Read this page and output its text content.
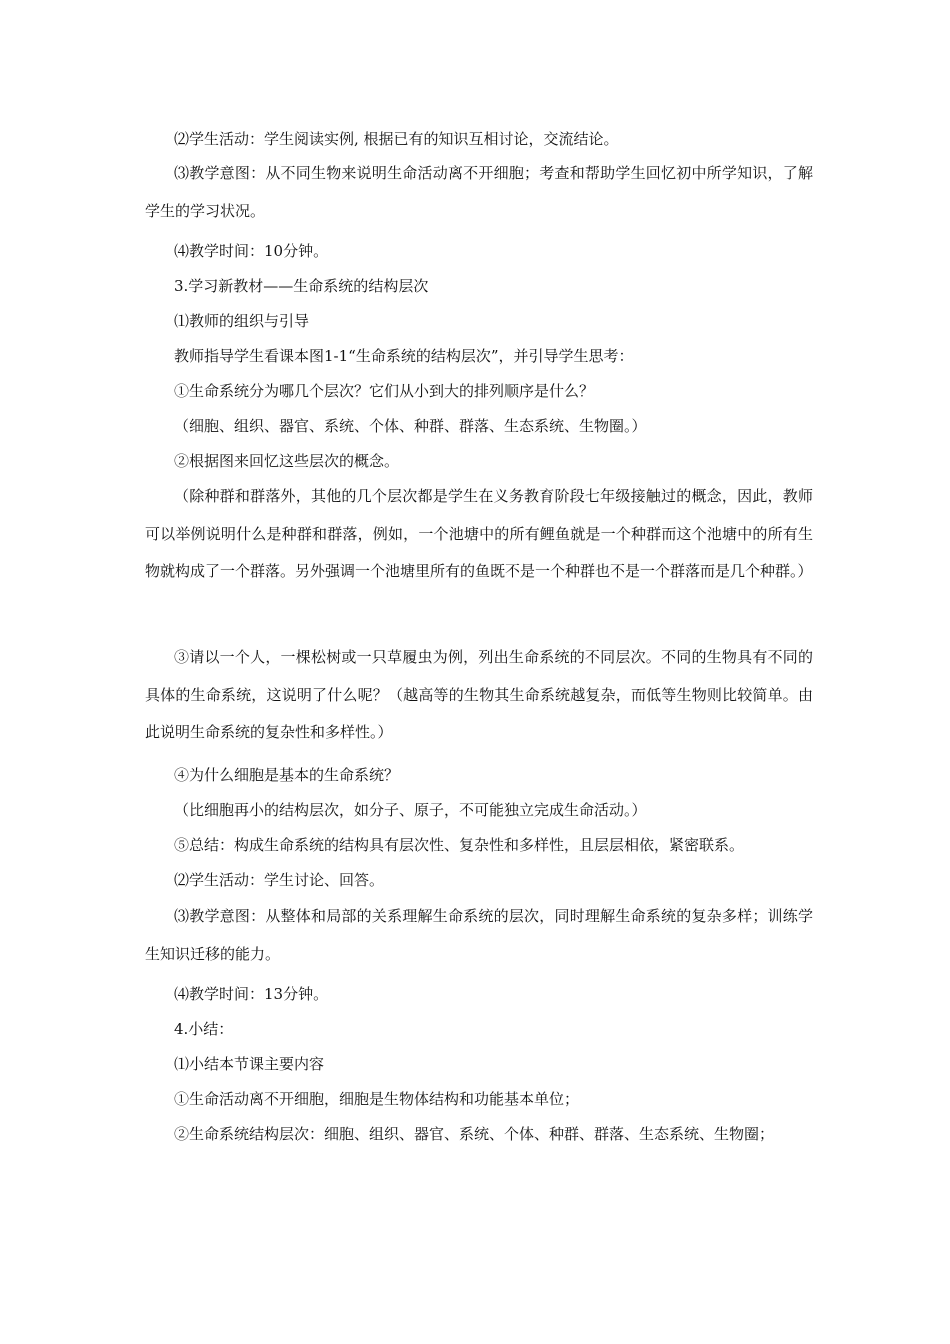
⑵学生活动：学生阅读实例, 根据已有的知识互相讨论，交流结论。

⑶教学意图：从不同生物来说明生命活动离不开细胞；考查和帮助学生回忆初中所学知识，了解学生的学习状况。

⑷教学时间：10分钟。

3.学习新教材——生命系统的结构层次

⑴教师的组织与引导

教师指导学生看课本图1-1“生命系统的结构层次”，并引导学生思考：

①生命系统分为哪几个层次？它们从小到大的排列顺序是什么？

（细胞、组织、器官、系统、个体、种群、群落、生态系统、生物圈。）

②根据图来回忆这些层次的概念。

（除种群和群落外，其他的几个层次都是学生在义务教育阶段七年级接触过的概念，因此，教师可以举例说明什么是种群和群落，例如，一个池塘中的所有鲤鱼就是一个种群而这个池塘中的所有生物就构成了一个群落。另外强调一个池塘里所有的鱼既不是一个种群也不是一个群落而是几个种群。）

③请以一个人，一棵松树或一只草履虫为例，列出生命系统的不同层次。不同的生物具有不同的具体的生命系统，这说明了什么呢？（越高等的生物其生命系统越复杂，而低等生物则比较简单。由此说明生命系统的复杂性和多样性。）

④为什么细胞是基本的生命系统？

（比细胞再小的结构层次，如分子、原子，不可能独立完成生命活动。）

⑤总结：构成生命系统的结构具有层次性、复杂性和多样性，且层层相依，紧密联系。

⑵学生活动：学生讨论、回答。

⑶教学意图：从整体和局部的关系理解生命系统的层次，同时理解生命系统的复杂多样；训练学生知识迁移的能力。

⑷教学时间：13分钟。

4.小结：

⑴小结本节课主要内容

①生命活动离不开细胞，细胞是生物体结构和功能基本单位；

②生命系统结构层次：细胞、组织、器官、系统、个体、种群、群落、生态系统、生物圈；
